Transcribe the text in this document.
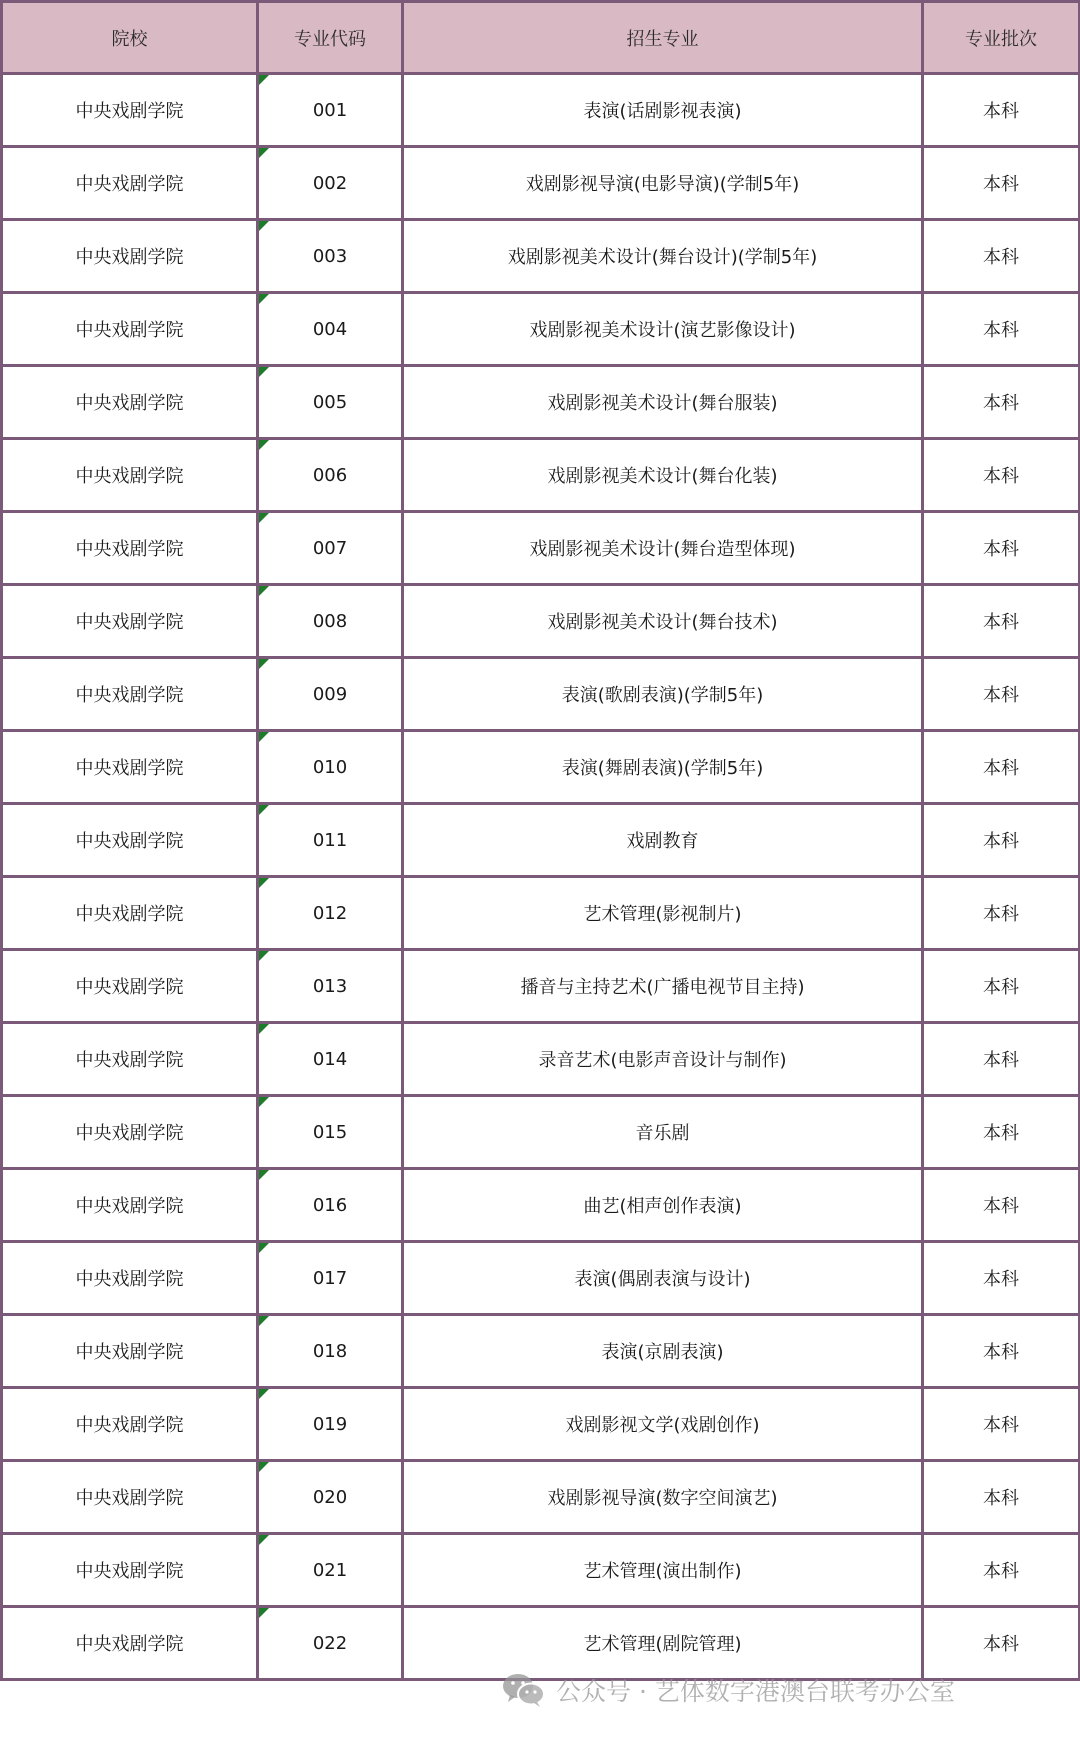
院校	专业代码	招生专业	专业批次
中央戏剧学院	001	表演(话剧影视表演)	本科
中央戏剧学院	002	戏剧影视导演(电影导演)(学制5年)	本科
中央戏剧学院	003	戏剧影视美术设计(舞台设计)(学制5年)	本科
中央戏剧学院	004	戏剧影视美术设计(演艺影像设计)	本科
中央戏剧学院	005	戏剧影视美术设计(舞台服装)	本科
中央戏剧学院	006	戏剧影视美术设计(舞台化装)	本科
中央戏剧学院	007	戏剧影视美术设计(舞台造型体现)	本科
中央戏剧学院	008	戏剧影视美术设计(舞台技术)	本科
中央戏剧学院	009	表演(歌剧表演)(学制5年)	本科
中央戏剧学院	010	表演(舞剧表演)(学制5年)	本科
中央戏剧学院	011	戏剧教育	本科
中央戏剧学院	012	艺术管理(影视制片)	本科
中央戏剧学院	013	播音与主持艺术(广播电视节目主持)	本科
中央戏剧学院	014	录音艺术(电影声音设计与制作)	本科
中央戏剧学院	015	音乐剧	本科
中央戏剧学院	016	曲艺(相声创作表演)	本科
中央戏剧学院	017	表演(偶剧表演与设计)	本科
中央戏剧学院	018	表演(京剧表演)	本科
中央戏剧学院	019	戏剧影视文学(戏剧创作)	本科
中央戏剧学院	020	戏剧影视导演(数字空间演艺)	本科
中央戏剧学院	021	艺术管理(演出制作)	本科
中央戏剧学院	022	艺术管理(剧院管理)	本科
公众号 · 艺体数字港澳台联考办公室
